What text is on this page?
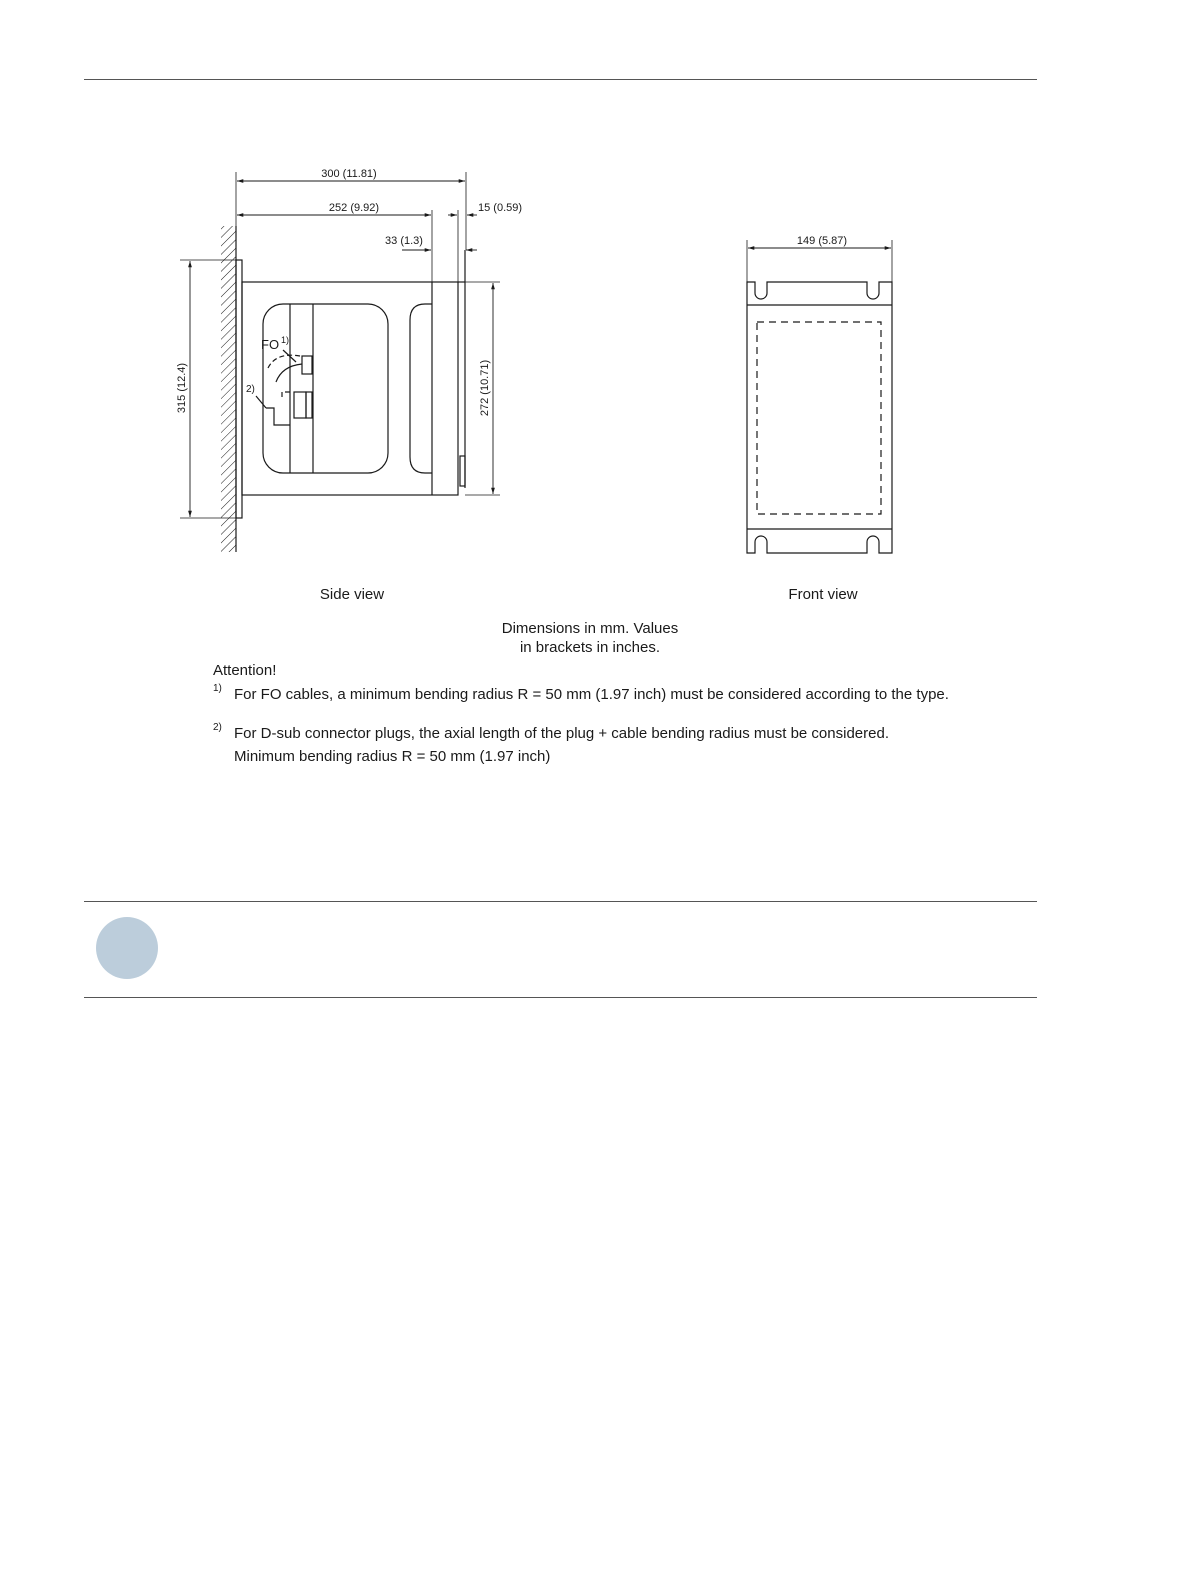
300 (11.81)
252 (9.92)	15 (0.59)
33 (1.3)
315 (12.4)	272 (10.71)
FO 1)
2)
149 (5.87)
Side view	Front view
Dimensions in mm. Values
in brackets in inches.
Attention!
1) For FO cables, a minimum bending radius R = 50 mm (1.97 inch) must be considered according to the type.
2) For D-sub connector plugs, the axial length of the plug + cable bending radius must be considered.
Minimum bending radius R = 50 mm (1.97 inch)
